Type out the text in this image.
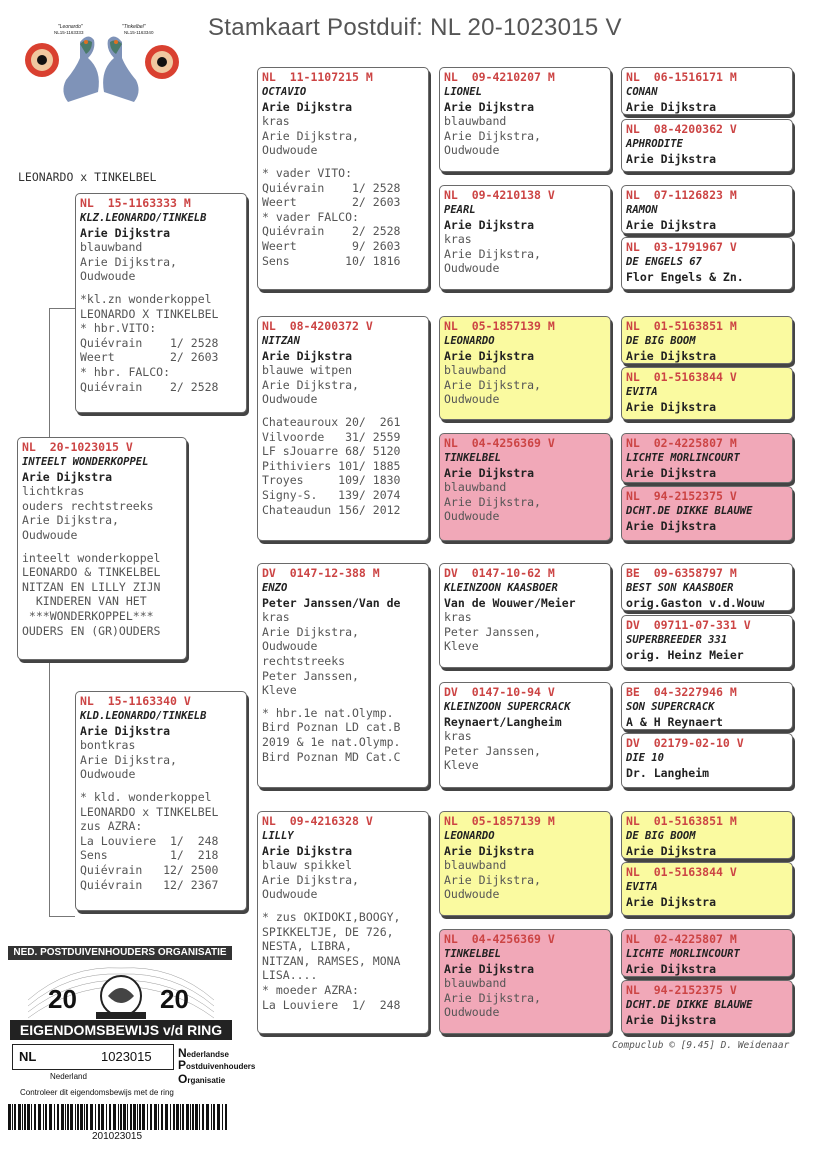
Stamkaart Postduif: NL 20-1023015 V
"Leonardo"
NL15-1163333
"Tinkelbel"
NL15-1163340
LEONARDO x TINKELBEL
NL  20-1023015 V
INTEELT WONDERKOPPEL
Arie Dijkstra
lichtkras
ouders rechtstreeks
Arie Dijkstra,
Oudwoude
inteelt wonderkoppel
LEONARDO & TINKELBEL
NITZAN EN LILLY ZIJN
KINDEREN VAN HET
***WONDERKOPPEL***
OUDERS EN (GR)OUDERS
NL  15-1163333 M
KLZ.LEONARDO/TINKELB
Arie Dijkstra
blauwband
Arie Dijkstra,
Oudwoude
*kl.zn wonderkoppel
LEONARDO X TINKELBEL
* hbr.VITO:
Quiévrain    1/ 2528
Weert        2/ 2603
* hbr. FALCO:
Quiévrain    2/ 2528
NL  15-1163340 V
KLD.LEONARDO/TINKELB
Arie Dijkstra
bontkras
Arie Dijkstra,
Oudwoude
* kld. wonderkoppel
LEONARDO x TINKELBEL
zus AZRA:
La Louviere  1/  248
Sens         1/  218
Quiévrain   12/ 2500
Quiévrain   12/ 2367
NL  11-1107215 M
OCTAVIO
Arie Dijkstra
kras
Arie Dijkstra,
Oudwoude
* vader VITO:
Quiévrain    1/ 2528
Weert        2/ 2603
* vader FALCO:
Quiévrain    2/ 2528
Weert        9/ 2603
Sens        10/ 1816
NL  08-4200372 V
NITZAN
Arie Dijkstra
blauwe witpen
Arie Dijkstra,
Oudwoude
Chateauroux 20/  261
Vilvoorde   31/ 2559
LF sJouarre 68/ 5120
Pithiviers 101/ 1885
Troyes     109/ 1830
Signy-S.   139/ 2074
Chateaudun 156/ 2012
DV  0147-12-388 M
ENZO
Peter Janssen/Van de
kras
Arie Dijkstra,
Oudwoude
rechtstreeks
Peter Janssen,
Kleve
* hbr.1e nat.Olymp.
Bird Poznan LD cat.B
2019 & 1e nat.Olymp.
Bird Poznan MD Cat.C
NL  09-4216328 V
LILLY
Arie Dijkstra
blauw spikkel
Arie Dijkstra,
Oudwoude
* zus OKIDOKI,BOOGY,
SPIKKELTJE, DE 726,
NESTA, LIBRA,
NITZAN, RAMSES, MONA
LISA....
* moeder AZRA:
La Louviere  1/  248
NL  09-4210207 M
LIONEL
Arie Dijkstra
blauwband
Arie Dijkstra,
Oudwoude
NL  09-4210138 V
PEARL
Arie Dijkstra
kras
Arie Dijkstra,
Oudwoude
NL  05-1857139 M
LEONARDO
Arie Dijkstra
blauwband
Arie Dijkstra,
Oudwoude
NL  04-4256369 V
TINKELBEL
Arie Dijkstra
blauwband
Arie Dijkstra,
Oudwoude
DV  0147-10-62 M
KLEINZOON KAASBOER
Van de Wouwer/Meier
kras
Peter Janssen,
Kleve
DV  0147-10-94 V
KLEINZOON SUPERCRACK
Reynaert/Langheim
kras
Peter Janssen,
Kleve
NL  05-1857139 M
LEONARDO
Arie Dijkstra
blauwband
Arie Dijkstra,
Oudwoude
NL  04-4256369 V
TINKELBEL
Arie Dijkstra
blauwband
Arie Dijkstra,
Oudwoude
NL  06-1516171 M
CONAN
Arie Dijkstra
NL  08-4200362 V
APHRODITE
Arie Dijkstra
NL  07-1126823 M
RAMON
Arie Dijkstra
NL  03-1791967 V
DE ENGELS 67
Flor Engels & Zn.
NL  01-5163851 M
DE BIG BOOM
Arie Dijkstra
NL  01-5163844 V
EVITA
Arie Dijkstra
NL  02-4225807 M
LICHTE MORLINCOURT
Arie Dijkstra
NL  94-2152375 V
DCHT.DE DIKKE BLAUWE
Arie Dijkstra
BE  09-6358797 M
BEST SON KAASBOER
orig.Gaston v.d.Wouw
DV  09711-07-331 V
SUPERBREEDER 331
orig. Heinz Meier
BE  04-3227946 M
SON SUPERCRACK
A & H Reynaert
DV  02179-02-10 V
DIE 10
Dr. Langheim
NL  01-5163851 M
DE BIG BOOM
Arie Dijkstra
NL  01-5163844 V
EVITA
Arie Dijkstra
NL  02-4225807 M
LICHTE MORLINCOURT
Arie Dijkstra
NL  94-2152375 V
DCHT.DE DIKKE BLAUWE
Arie Dijkstra
Compuclub © [9.45] D. Weidenaar
NED. POSTDUIVENHOUDERS ORGANISATIE
20	20
EIGENDOMSBEWIJS v/d RING
NL	1023015
Nederland
Nederlandse
Postduivenhouders
Organisatie
Controleer dit eigendomsbewijs met de ring
201023015
